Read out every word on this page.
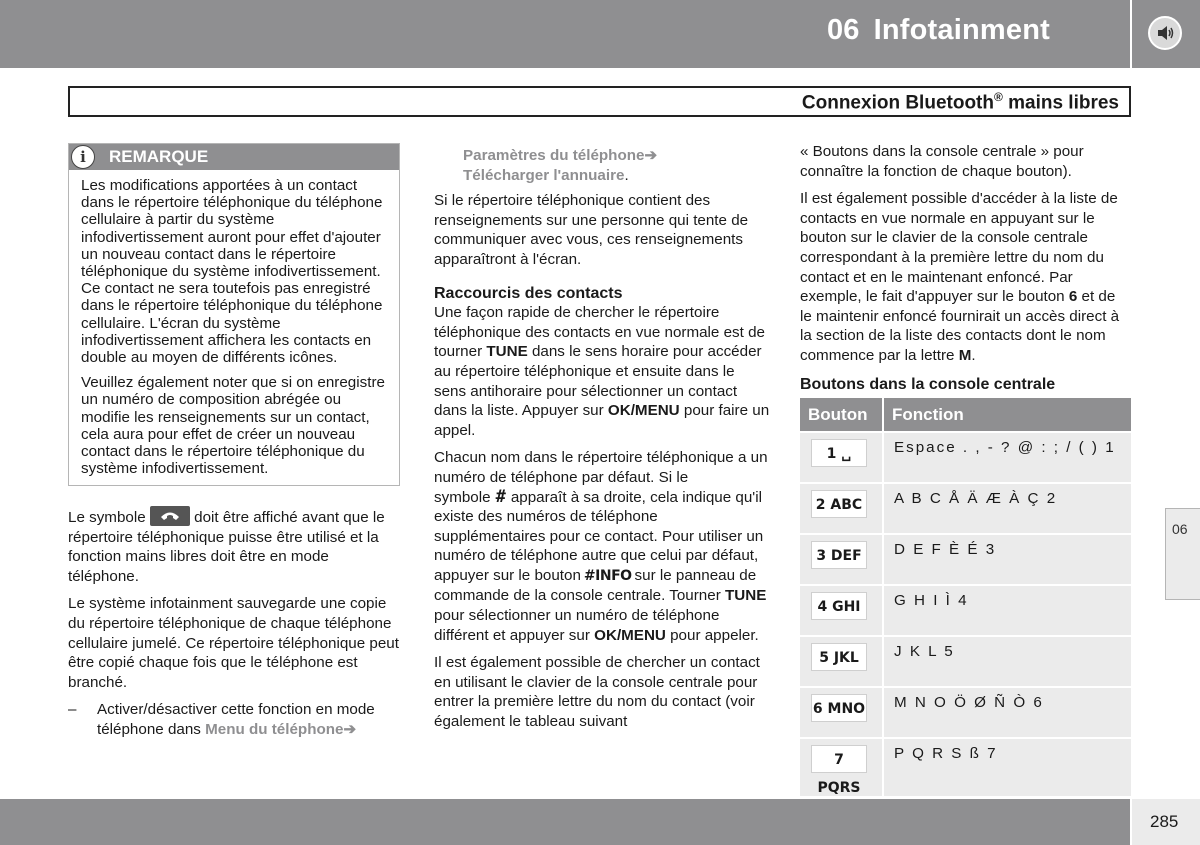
06 Infotainment
Connexion Bluetooth® mains libres
i	REMARQUE

Les modifications apportées à un contact dans le répertoire téléphonique du téléphone cellulaire à partir du système infodivertissement auront pour effet d'ajouter un nouveau contact dans le répertoire téléphonique du système infodivertissement. Ce contact ne sera toutefois pas enregistré dans le répertoire téléphonique du téléphone cellulaire. L'écran du système infodivertissement affichera les contacts en double au moyen de différents icônes.

Veuillez également noter que si on enregistre un numéro de composition abrégée ou modifie les renseignements sur un contact, cela aura pour effet de créer un nouveau contact dans le répertoire téléphonique du système infodivertissement.

Le symbole	doit être affiché avant que le répertoire téléphonique puisse être utilisé et la fonction mains libres doit être en mode téléphone.

Le système infotainment sauvegarde une copie du répertoire téléphonique de chaque téléphone cellulaire jumelé. Ce répertoire téléphonique peut être copié chaque fois que le téléphone est branché.

– Activer/désactiver cette fonction en mode téléphone dans Menu du téléphone➔

Paramètres du téléphone➔
Télécharger l'annuaire.

Si le répertoire téléphonique contient des renseignements sur une personne qui tente de communiquer avec vous, ces renseignements apparaîtront à l'écran.

Raccourcis des contacts

Une façon rapide de chercher le répertoire téléphonique des contacts en vue normale est de tourner TUNE dans le sens horaire pour accéder au répertoire téléphonique et ensuite dans le sens antihoraire pour sélectionner un contact dans la liste. Appuyer sur OK/MENU pour faire un appel.

Chacun nom dans le répertoire téléphonique a un numéro de téléphone par défaut. Si le symbole # apparaît à sa droite, cela indique qu'il existe des numéros de téléphone supplémentaires pour ce contact. Pour utiliser un numéro de téléphone autre que celui par défaut, appuyer sur le bouton #INFO sur le panneau de commande de la console centrale. Tourner TUNE pour sélectionner un numéro de téléphone différent et appuyer sur OK/MENU pour appeler.

Il est également possible de chercher un contact en utilisant le clavier de la console centrale pour entrer la première lettre du nom du contact (voir également le tableau suivant

« Boutons dans la console centrale » pour connaître la fonction de chaque bouton).

Il est également possible d'accéder à la liste de contacts en vue normale en appuyant sur le bouton sur le clavier de la console centrale correspondant à la première lettre du nom du contact et en le maintenant enfoncé. Par exemple, le fait d'appuyer sur le bouton 6 et de le maintenir enfoncé fournirait un accès direct à la section de la liste des contacts dont le nom commence par la lettre M.

Boutons dans la console centrale
Bouton	Fonction
1 ␣	Espace . , - ? @ : ; / ( ) 1
2 ABC	A B C Å Ä Æ À Ç 2
3 DEF	D E F È É 3
4 GHI	G H I Ì 4
5 JKL	J K L 5
6 MNO	M N O Ö Ø Ñ Ò 6
7 PQRS	P Q R S ß 7
06
285
